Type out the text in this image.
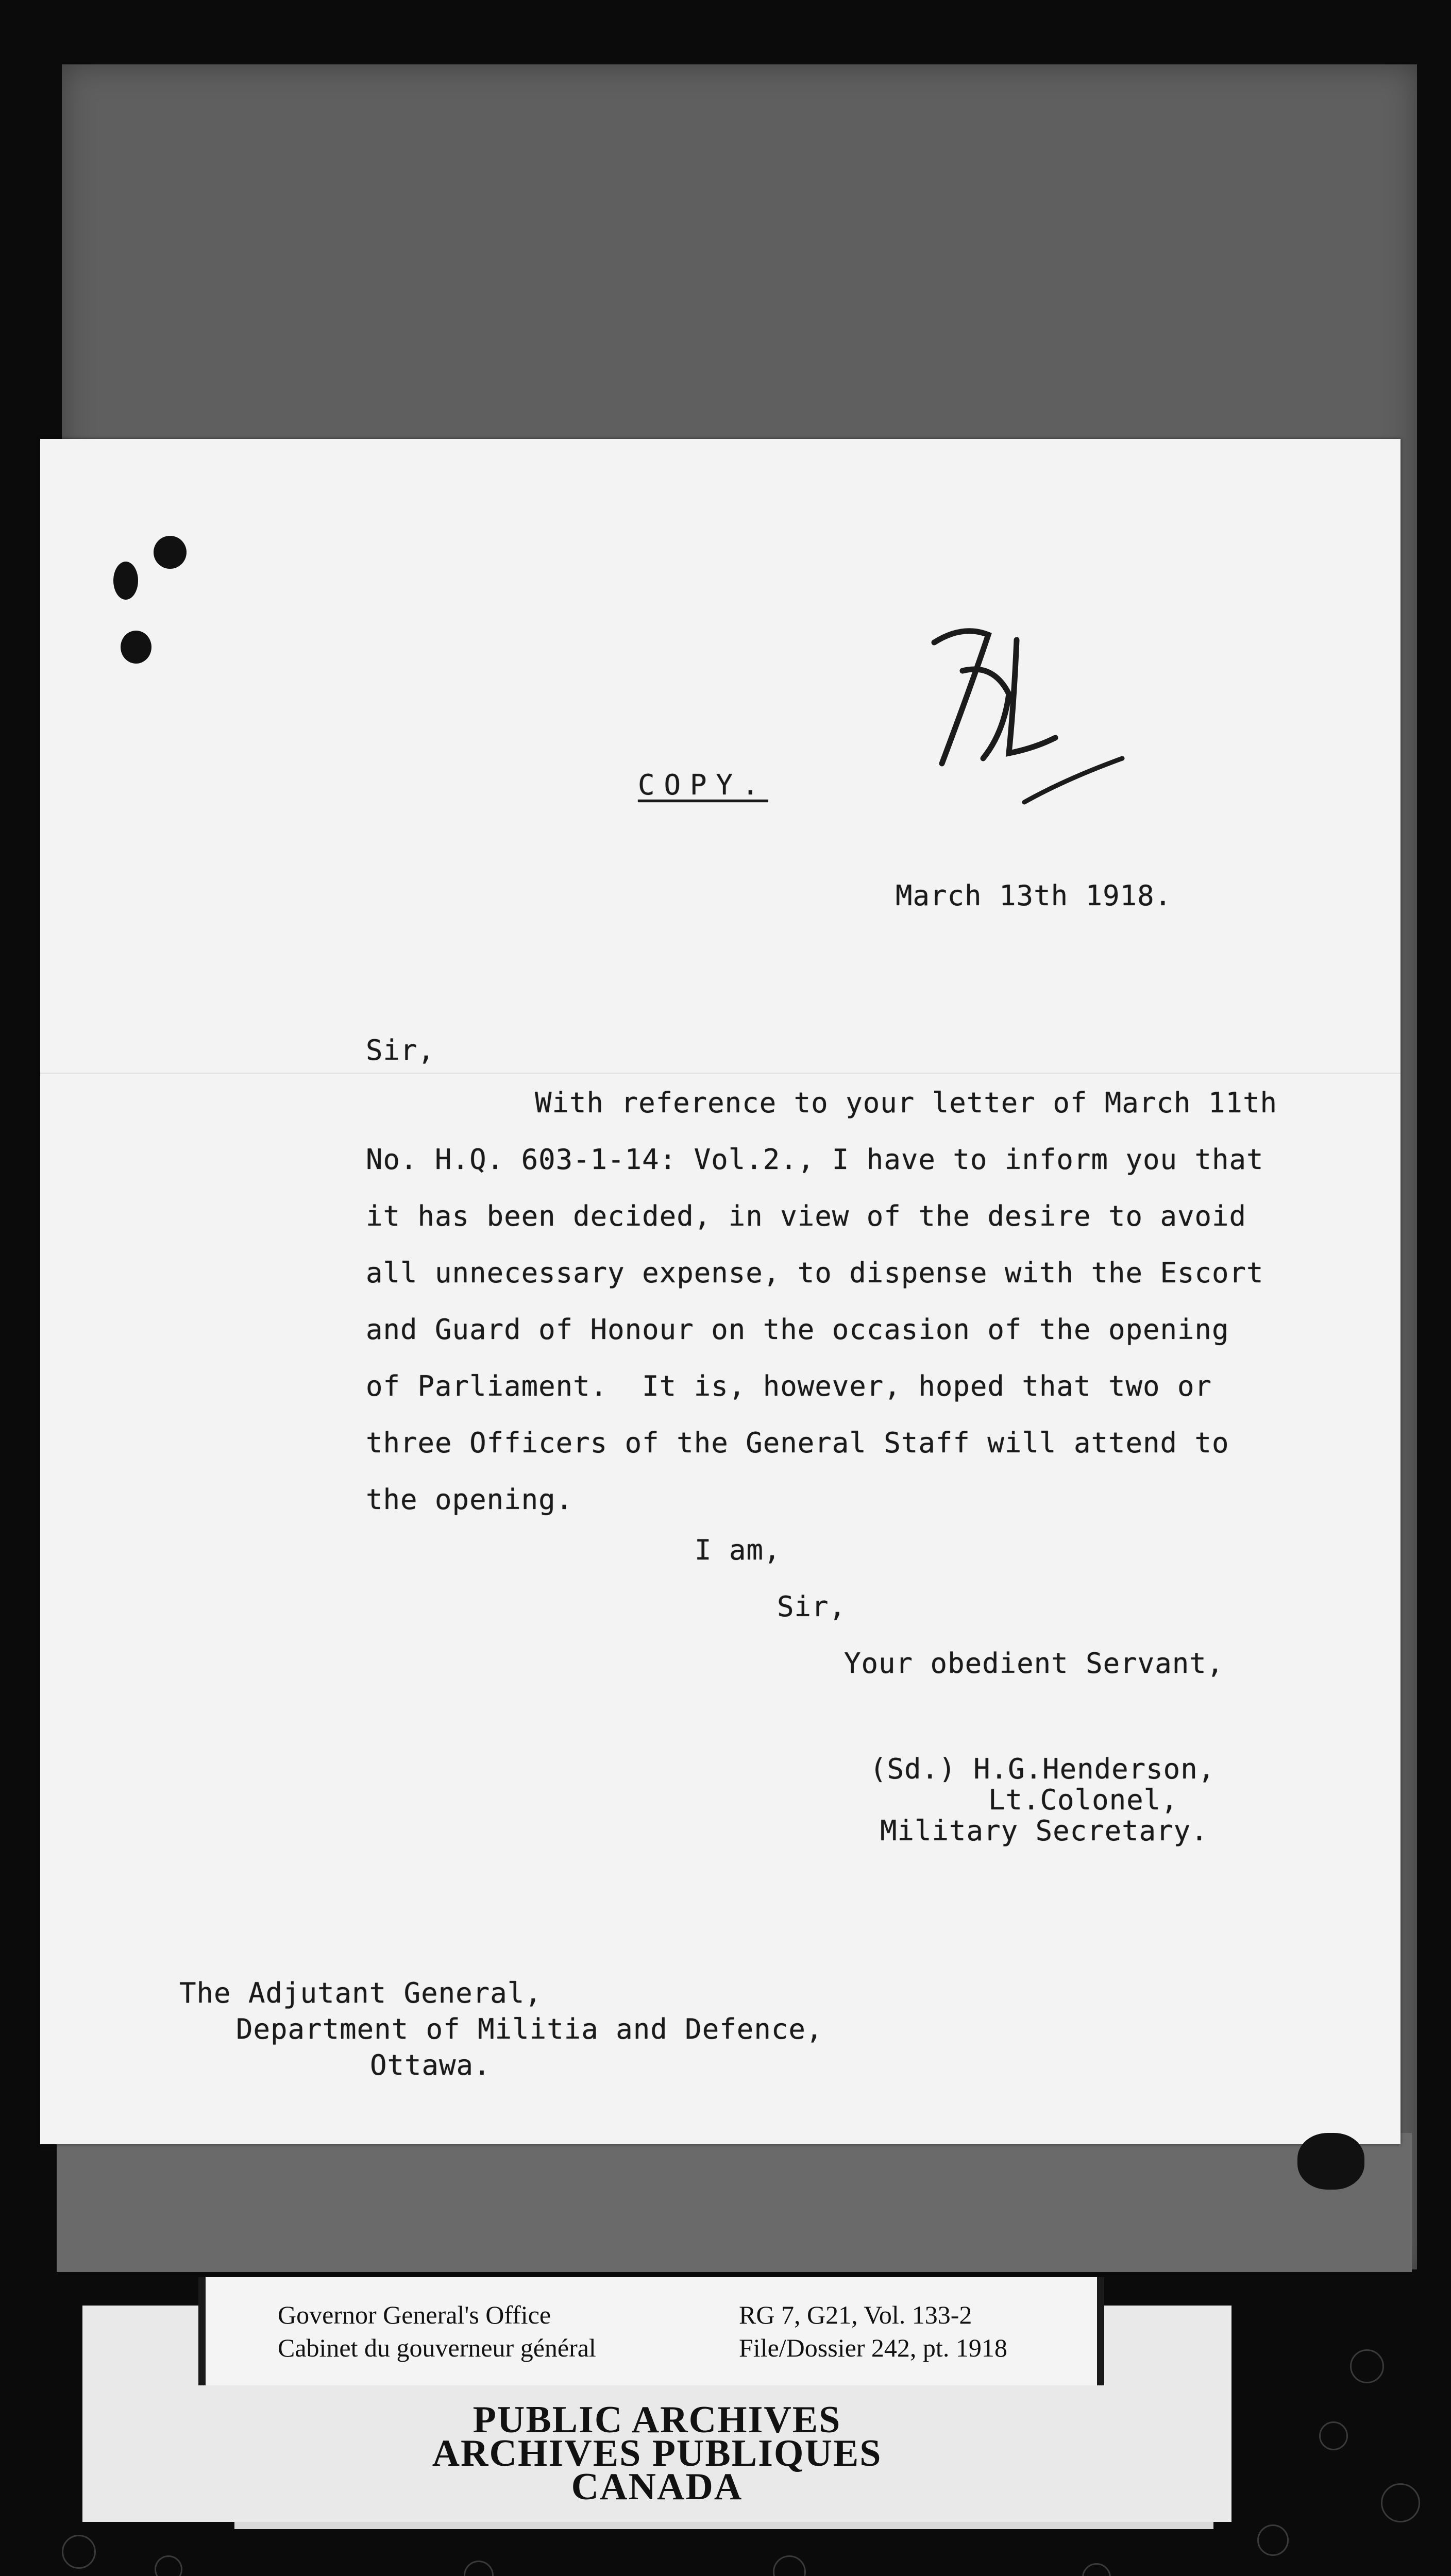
COPY.
March 13th 1918.
Sir,
With reference to your letter of March 11th
No. H.Q. 603-1-14: Vol.2., I have to inform you that
it has been decided, in view of the desire to avoid
all unnecessary expense, to dispense with the Escort
and Guard of Honour on the occasion of the opening
of Parliament.  It is, however, hoped that two or
three Officers of the General Staff will attend to
the opening.
I am,
Sir,
Your obedient Servant,
(Sd.) H.G.Henderson,
Lt.Colonel,
Military Secretary.
The Adjutant General,
Department of Militia and Defence,
Ottawa.
PUBLIC ARCHIVES
ARCHIVES PUBLIQUES
CANADA
Governor General's Office
Cabinet du gouverneur général
RG 7, G21, Vol. 133-2
File/Dossier 242, pt. 1918
